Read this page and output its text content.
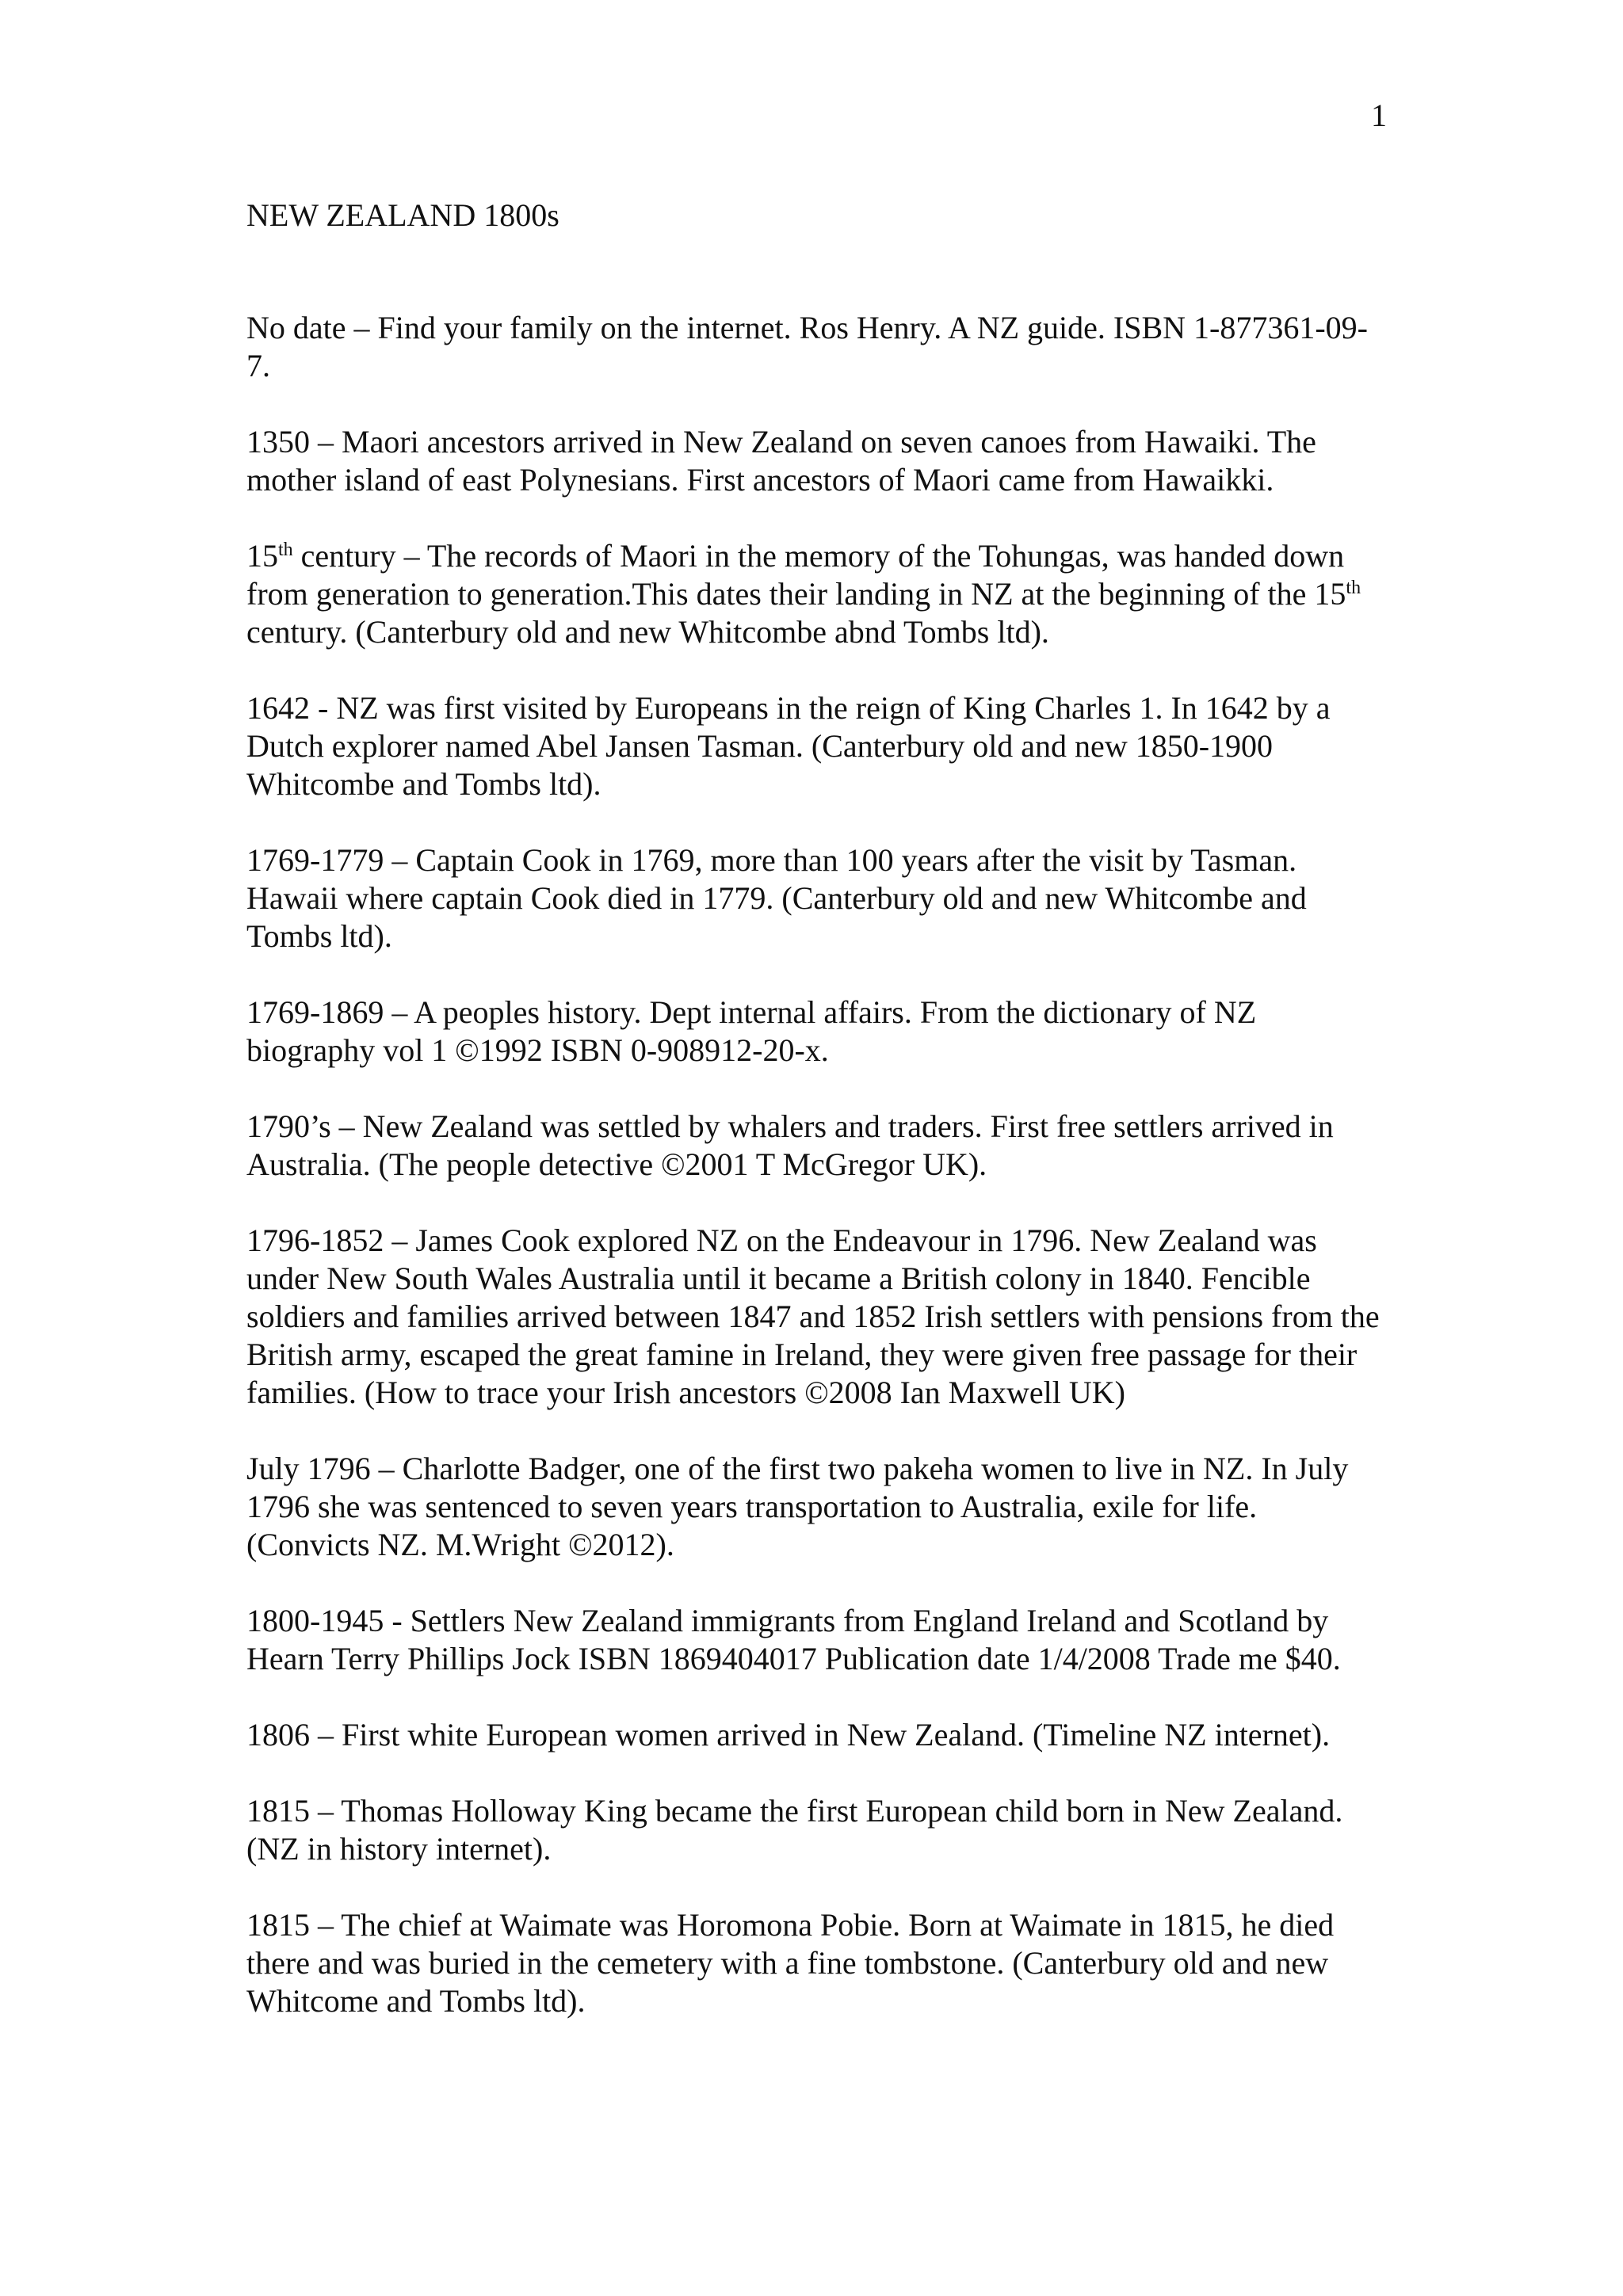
1

NEW ZEALAND 1800s

No date – Find your family on the internet. Ros Henry. A NZ guide. ISBN 1-877361-09-7.

1350 – Maori ancestors arrived in New Zealand on seven canoes from Hawaiki. The mother island of east Polynesians. First ancestors of Maori came from Hawaikki.

15th century – The records of Maori in the memory of the Tohungas, was handed down from generation to generation.This dates their landing in NZ at the beginning of the 15th century. (Canterbury old and new Whitcombe abnd Tombs ltd).

1642 - NZ was first visited by Europeans in the reign of King Charles 1. In 1642 by a Dutch explorer named Abel Jansen Tasman. (Canterbury old and new 1850-1900 Whitcombe and Tombs ltd).

1769-1779 – Captain Cook in 1769, more than 100 years after the visit by Tasman. Hawaii where captain Cook died in 1779. (Canterbury old and new Whitcombe and Tombs ltd).

1769-1869 – A peoples history. Dept internal affairs. From the dictionary of NZ biography vol 1 ©1992 ISBN 0-908912-20-x.

1790’s – New Zealand was settled by whalers and traders. First free settlers arrived in Australia. (The people detective ©2001 T McGregor UK).

1796-1852 – James Cook explored NZ on the Endeavour in 1796. New Zealand was under New South Wales Australia until it became a British colony in 1840. Fencible soldiers and families arrived between 1847 and 1852 Irish settlers with pensions from the British army, escaped the great famine in Ireland, they were given free passage for their families. (How to trace your Irish ancestors ©2008 Ian Maxwell UK)

July 1796 – Charlotte Badger, one of the first two pakeha women to live in NZ. In July 1796 she was sentenced to seven years transportation to Australia, exile for life. (Convicts NZ. M.Wright ©2012).

1800-1945 - Settlers New Zealand immigrants from England Ireland and Scotland by Hearn Terry Phillips Jock ISBN 1869404017 Publication date 1/4/2008 Trade me $40.

1806 – First white European women arrived in New Zealand. (Timeline NZ internet).

1815 – Thomas Holloway King became the first European child born in New Zealand. (NZ in history internet).

1815 – The chief at Waimate was Horomona Pobie. Born at Waimate in 1815, he died there and was buried in the cemetery with a fine tombstone. (Canterbury old and new Whitcome and Tombs ltd).
